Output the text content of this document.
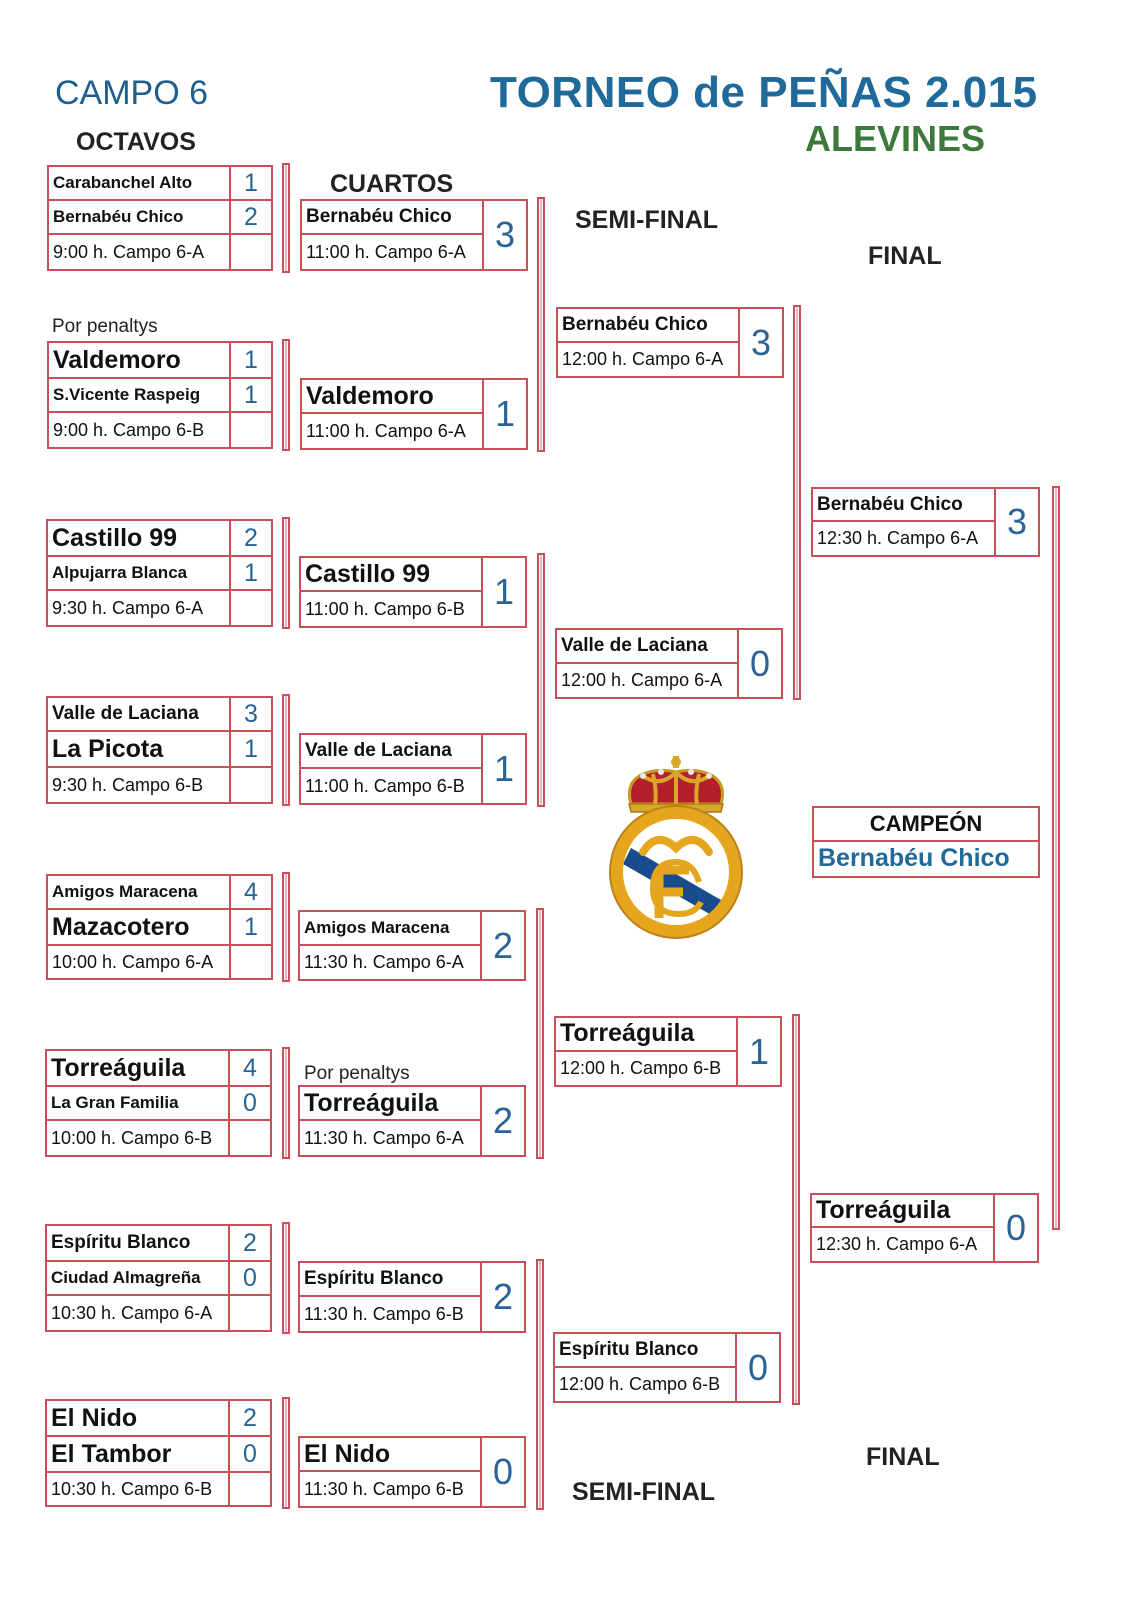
CAMPO 6	TORNEO de PEÑAS 2.015
ALEVINES
OCTAVOS
CUARTOS
SEMI-FINAL
FINAL
FINAL
SEMI-FINAL
Por penaltys
Por penaltys
Carabanchel Alto	1
Bernabéu Chico	2
9:00 h. Campo 6-A
Valdemoro	1
S.Vicente Raspeig	1
9:00 h. Campo 6-B
Castillo 99	2
Alpujarra Blanca	1
9:30 h. Campo 6-A
Valle de Laciana	3
La Picota	1
9:30 h. Campo 6-B
Amigos Maracena	4
Mazacotero	1
10:00 h. Campo 6-A
Torreáguila	4
La Gran Familia	0
10:00 h. Campo 6-B
Espíritu Blanco	2
Ciudad Almagreña	0
10:30 h. Campo 6-A
El Nido	2
El Tambor	0
10:30 h. Campo 6-B
Bernabéu Chico
11:00 h. Campo 6-A 3
Valdemoro
11:00 h. Campo 6-A 1
Castillo 99
11:00 h. Campo 6-B 1
Valle de Laciana
11:00 h. Campo 6-B 1
Amigos Maracena
11:30 h. Campo 6-A 2
Torreáguila
11:30 h. Campo 6-A 2
Espíritu Blanco
11:30 h. Campo 6-B 2
El Nido
11:30 h. Campo 6-B 0
Bernabéu Chico
12:00 h. Campo 6-A 3
Valle de Laciana
12:00 h. Campo 6-A 0
Torreáguila
12:00 h. Campo 6-B 1
Espíritu Blanco
12:00 h. Campo 6-B 0
Bernabéu Chico
12:30 h. Campo 6-A 3
Torreáguila
12:30 h. Campo 6-A 0
CAMPEÓN
Bernabéu Chico
